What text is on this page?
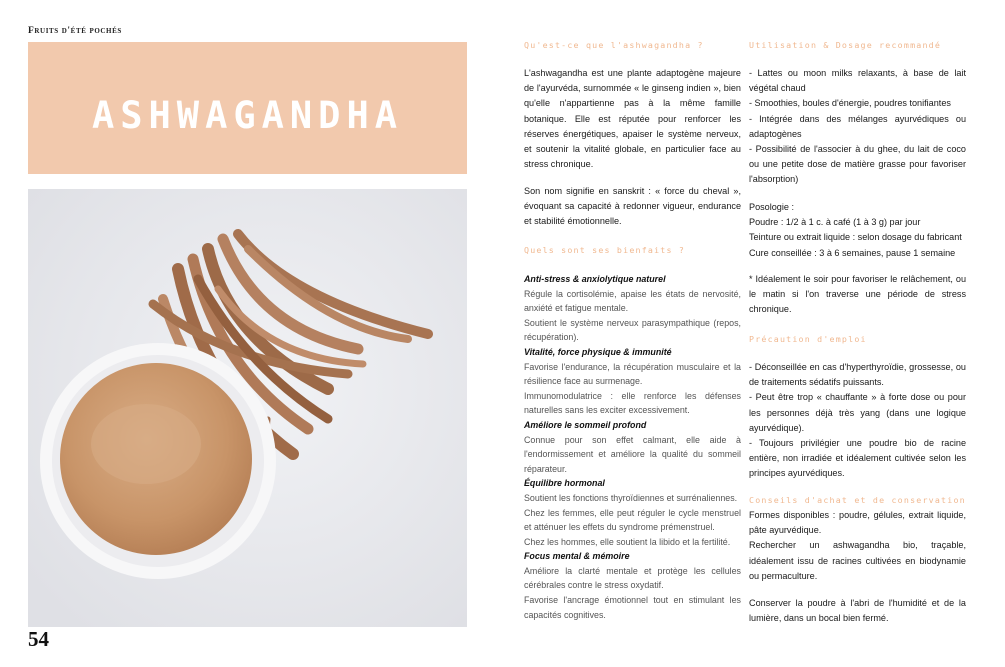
Fruits d'été pochés
ASHWAGANDHA
54

Qu'est-ce que l'ashwagandha ?

L'ashwagandha est une plante adaptogène majeure de l'ayurvéda, surnommée « le ginseng indien », bien qu'elle n'appartienne pas à la même famille botanique. Elle est réputée pour renforcer les réserves énergétiques, apaiser le système nerveux, et soutenir la vitalité globale, en particulier face au stress chronique.

Son nom signifie en sanskrit : « force du cheval », évoquant sa capacité à redonner vigueur, endurance et stabilité émotionnelle.

Quels sont ses bienfaits ?

Anti-stress & anxiolytique naturel
Régule la cortisolémie, apaise les états de nervosité, anxiété et fatigue mentale.
Soutient le système nerveux parasympathique (repos, récupération).
Vitalité, force physique & immunité
Favorise l'endurance, la récupération musculaire et la résilience face au surmenage.
Immunomodulatrice : elle renforce les défenses naturelles sans les exciter excessivement.
Améliore le sommeil profond
Connue pour son effet calmant, elle aide à l'endormissement et améliore la qualité du sommeil réparateur.
Équilibre hormonal
Soutient les fonctions thyroïdiennes et surrénaliennes.
Chez les femmes, elle peut réguler le cycle menstruel et atténuer les effets du syndrome prémenstruel.
Chez les hommes, elle soutient la libido et la fertilité.
Focus mental & mémoire
Améliore la clarté mentale et protège les cellules cérébrales contre le stress oxydatif.
Favorise l'ancrage émotionnel tout en stimulant les capacités cognitives.

Utilisation & Dosage recommandé

- Lattes ou moon milks relaxants, à base de lait végétal chaud
- Smoothies, boules d'énergie, poudres tonifiantes
- Intégrée dans des mélanges ayurvédiques ou adaptogènes
- Possibilité de l'associer à du ghee, du lait de coco ou une petite dose de matière grasse pour favoriser l'absorption)
Posologie :
Poudre : 1/2 à 1 c. à café (1 à 3 g) par jour
Teinture ou extrait liquide : selon dosage du fabricant
Cure conseillée : 3 à 6 semaines, pause 1 semaine

* Idéalement le soir pour favoriser le relâchement, ou le matin si l'on traverse une période de stress chronique.

Précaution d'emploi

- Déconseillée en cas d'hyperthyroïdie, grossesse, ou de traitements sédatifs puissants.
- Peut être trop « chauffante » à forte dose ou pour les personnes déjà très yang (dans une logique ayurvédique).
- Toujours privilégier une poudre bio de racine entière, non irradiée et idéalement cultivée selon les principes ayurvédiques.

Conseils d'achat et de conservation

Formes disponibles : poudre, gélules, extrait liquide, pâte ayurvédique.
Rechercher un ashwagandha bio, traçable, idéalement issu de racines cultivées en biodynamie ou permaculture.

Conserver la poudre à l'abri de l'humidité et de la lumière, dans un bocal bien fermé.
